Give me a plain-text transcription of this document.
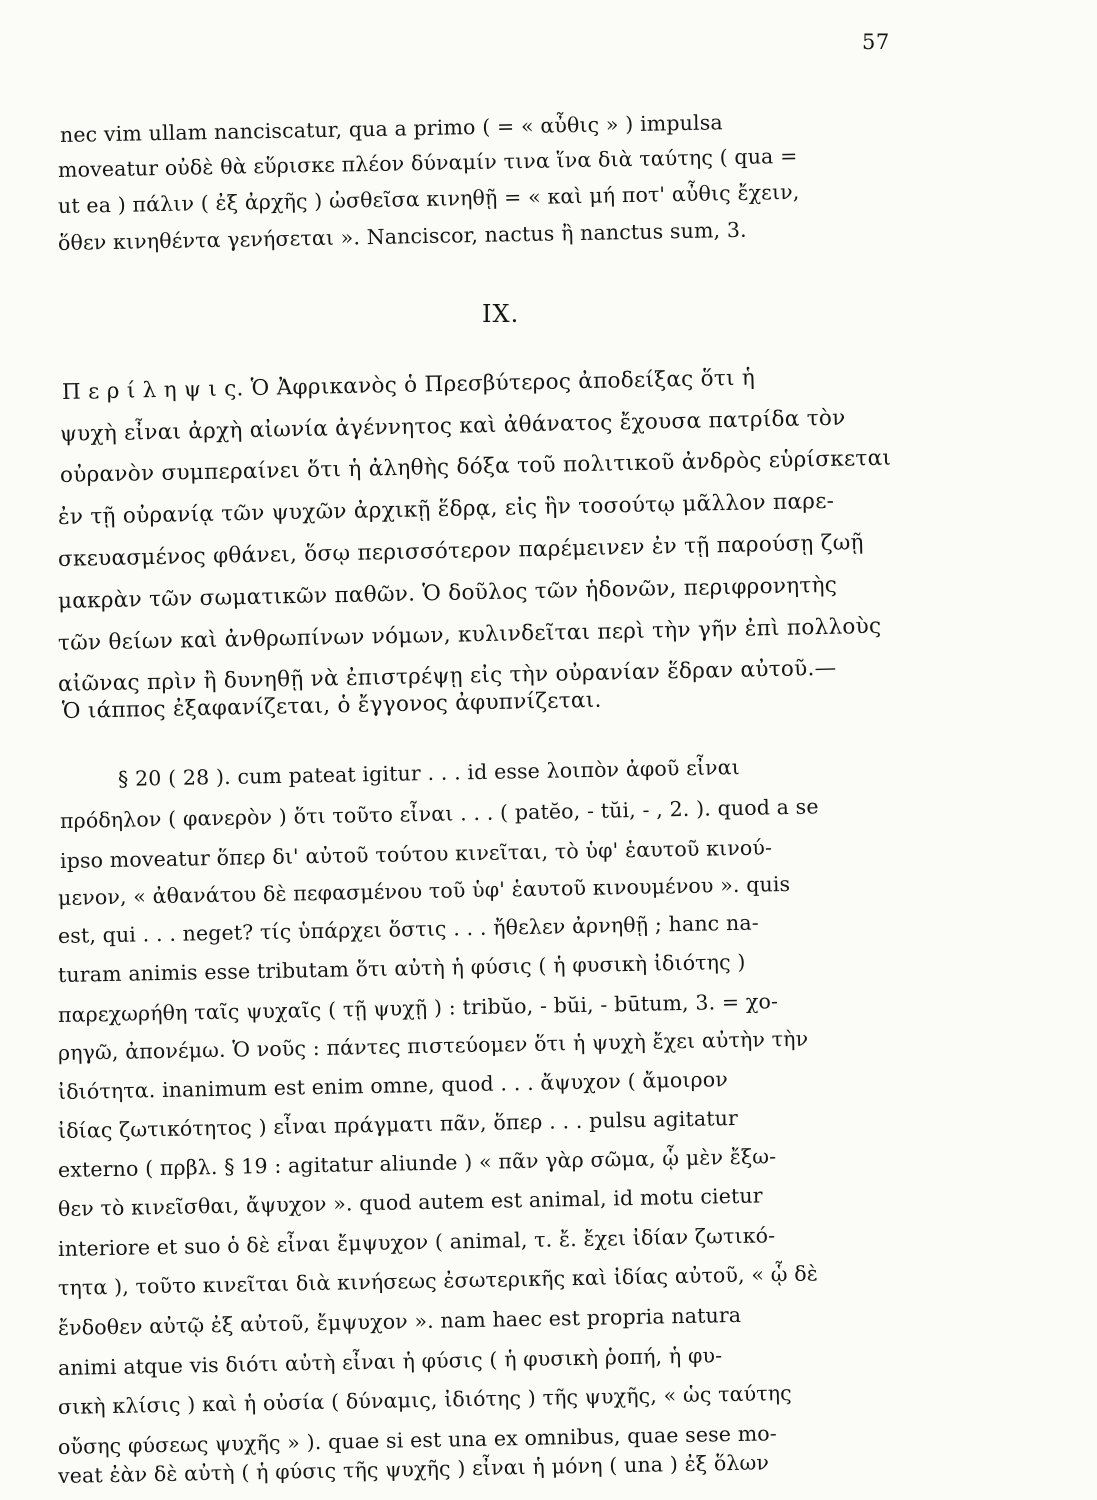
57
nec vim ullam nanciscatur, qua a primo ( = « αὖθις » ) impulsa
moveatur οὐδὲ θὰ εὕρισκε πλέον δύναμίν τινα ἵνα διὰ ταύτης ( qua =
ut ea ) πάλιν ( ἐξ ἀρχῆς ) ὠσθεῖσα κινηθῇ = « καὶ μή ποτ' αὖθις ἔχειν,
ὅθεν κινηθέντα γενήσεται ». Nanciscor, nactus ἢ nanctus sum, 3.
IX.
Π ε ρ ί λ η ψ ι ς. Ὁ Ἀφρικανὸς ὁ Πρεσβύτερος ἀποδείξας ὅτι ἡ
ψυχὴ εἶναι ἀρχὴ αἰωνία ἀγέννητος καὶ ἀθάνατος ἔχουσα πατρίδα τὸν
οὐρανὸν συμπεραίνει ὅτι ἡ ἀληθὴς δόξα τοῦ πολιτικοῦ ἀνδρὸς εὑρίσκεται
ἐν τῇ οὐρανίᾳ τῶν ψυχῶν ἀρχικῇ ἕδρᾳ, εἰς ἣν τοσούτῳ μᾶλλον παρε-
σκευασμένος φθάνει, ὅσῳ περισσότερον παρέμεινεν ἐν τῇ παρούσῃ ζωῇ
μακρὰν τῶν σωματικῶν παθῶν. Ὁ δοῦλος τῶν ἡδονῶν, περιφρονητὴς
τῶν θείων καὶ ἀνθρωπίνων νόμων, κυλινδεῖται περὶ τὴν γῆν ἐπὶ πολλοὺς
αἰῶνας πρὶν ἢ δυνηθῇ νὰ ἐπιστρέψῃ εἰς τὴν οὐρανίαν ἕδραν αὐτοῦ.—
Ὁ ιάππος ἐξαφανίζεται, ὁ ἔγγονος ἀφυπνίζεται.
§ 20 ( 28 ). cum pateat igitur . . . id esse λοιπὸν ἀφοῦ εἶναι
πρόδηλον ( φανερὸν ) ὅτι τοῦτο εἶναι . . . ( patĕo, - tŭi, - , 2. ). quod a se
ipso moveatur ὅπερ δι' αὐτοῦ τούτου κινεῖται, τὸ ὑφ' ἑαυτοῦ κινού-
μενον, « ἀθανάτου δὲ πεφασμένου τοῦ ὑφ' ἑαυτοῦ κινουμένου ». quis
est, qui . . . neget? τίς ὑπάρχει ὅστις . . . ἤθελεν ἀρνηθῇ ; hanc na-
turam animis esse tributam ὅτι αὐτὴ ἡ φύσις ( ἡ φυσικὴ ἰδιότης )
παρεχωρήθη ταῖς ψυχαῖς ( τῇ ψυχῇ ) : tribŭo, - bŭi, - būtum, 3. = χο-
ρηγῶ, ἀπονέμω. Ὁ νοῦς : πάντες πιστεύομεν ὅτι ἡ ψυχὴ ἔχει αὐτὴν τὴν
ἰδιότητα. inanimum est enim omne, quod . . . ἄψυχον ( ἄμοιρον
ἰδίας ζωτικότητος ) εἶναι πράγματι πᾶν, ὅπερ . . . pulsu agitatur
externo ( πρβλ. § 19 : agitatur aliunde ) « πᾶν γὰρ σῶμα, ᾧ μὲν ἔξω-
θεν τὸ κινεῖσθαι, ἄψυχον ». quod autem est animal, id motu cietur
interiore et suo ὁ δὲ εἶναι ἔμψυχον ( animal, τ. ἔ. ἔχει ἰδίαν ζωτικό-
τητα ), τοῦτο κινεῖται διὰ κινήσεως ἐσωτερικῆς καὶ ἰδίας αὐτοῦ, « ᾧ δὲ
ἔνδοθεν αὐτῷ ἐξ αὐτοῦ, ἔμψυχον ». nam haec est propria natura
animi atque vis διότι αὐτὴ εἶναι ἡ φύσις ( ἡ φυσικὴ ῥοπή, ἡ φυ-
σικὴ κλίσις ) καὶ ἡ οὐσία ( δύναμις, ἰδιότης ) τῆς ψυχῆς, « ὡς ταύτης
οὔσης φύσεως ψυχῆς » ). quae si est una ex omnibus, quae sese mo-
veat ἐὰν δὲ αὐτὴ ( ἡ φύσις τῆς ψυχῆς ) εἶναι ἡ μόνη ( una ) ἐξ ὅλων
